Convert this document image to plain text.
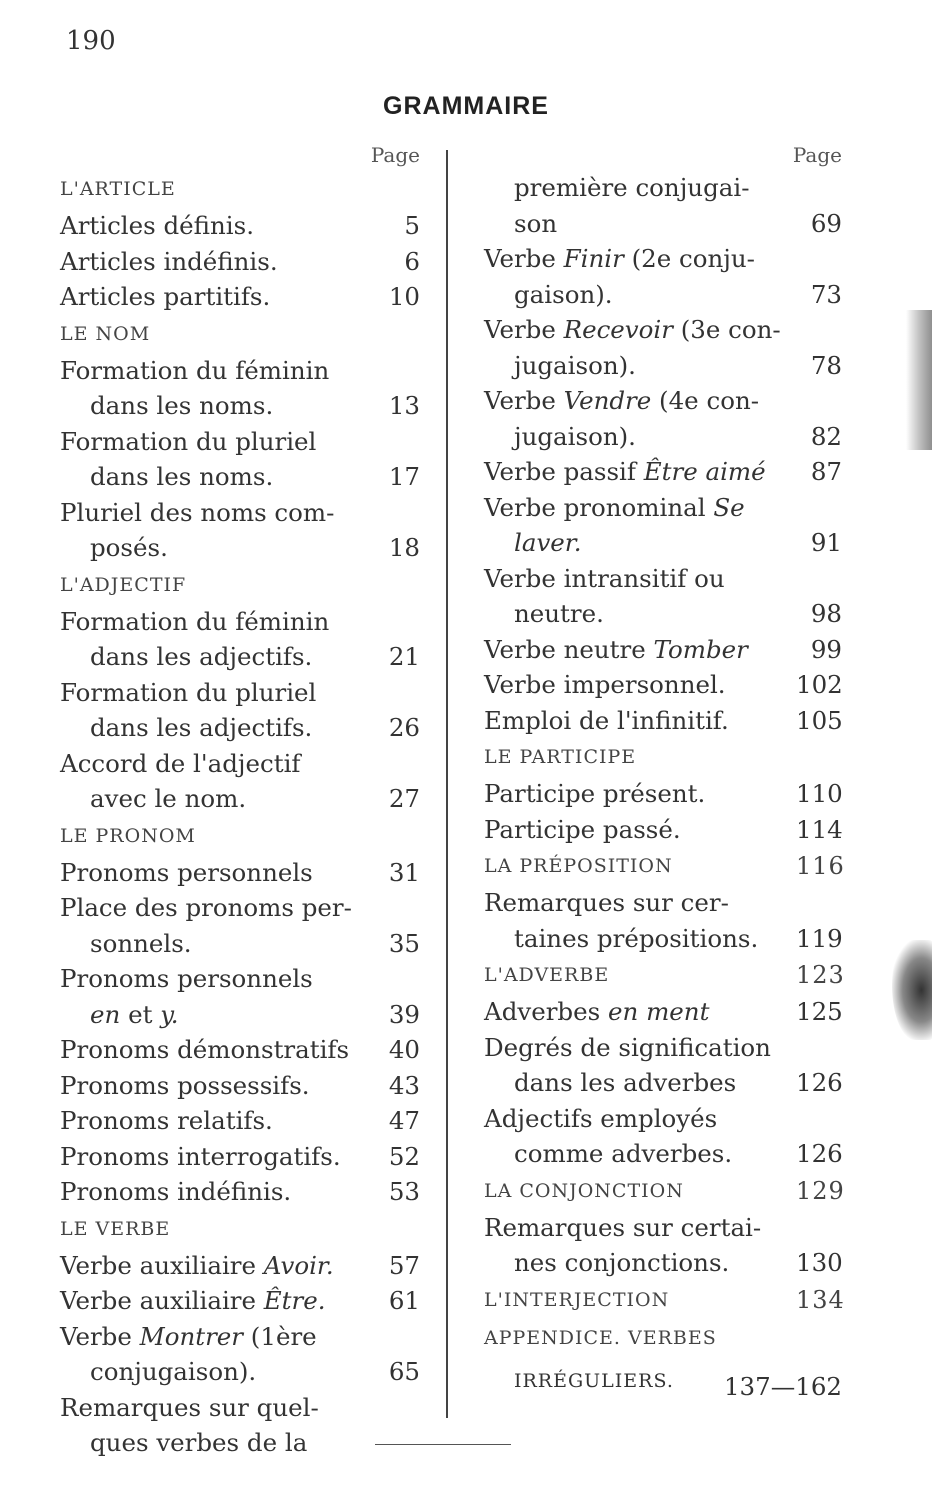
190
GRAMMAIRE
Page
L'ARTICLE
Articles définis.	5
Articles indéfinis.	6
Articles partitifs.	10
LE NOM
Formation du féminin
dans les noms.	13
Formation du pluriel
dans les noms.	17
Pluriel des noms com-
posés.	18
L'ADJECTIF
Formation du féminin
dans les adjectifs.	21
Formation du pluriel
dans les adjectifs.	26
Accord de l'adjectif
avec le nom.	27
LE PRONOM
Pronoms personnels	31
Place des pronoms per-
sonnels.	35
Pronoms personnels
en et y.	39
Pronoms démonstratifs	40
Pronoms possessifs.	43
Pronoms relatifs.	47
Pronoms interrogatifs.	52
Pronoms indéfinis.	53
LE VERBE
Verbe auxiliaire Avoir.	57
Verbe auxiliaire Être.	61
Verbe Montrer (1ère
conjugaison).	65
Remarques sur quel-
ques verbes de la
Page
première conjugai-
son	69
Verbe Finir (2e conju-
gaison).	73
Verbe Recevoir (3e con-
jugaison).	78
Verbe Vendre (4e con-
jugaison).	82
Verbe passif Être aimé	87
Verbe pronominal Se
laver.	91
Verbe intransitif ou
neutre.	98
Verbe neutre Tomber	99
Verbe impersonnel.	102
Emploi de l'infinitif.	105
LE PARTICIPE
Participe présent.	110
Participe passé.	114
LA PRÉPOSITION	116
Remarques sur cer-
taines prépositions.	119
L'ADVERBE	123
Adverbes en ment	125
Degrés de signification
dans les adverbes	126
Adjectifs employés
comme adverbes.	126
LA CONJONCTION	129
Remarques sur certai-
nes conjonctions.	130
L'INTERJECTION	134
APPENDICE. VERBES
IRRÉGULIERS.	137—162
